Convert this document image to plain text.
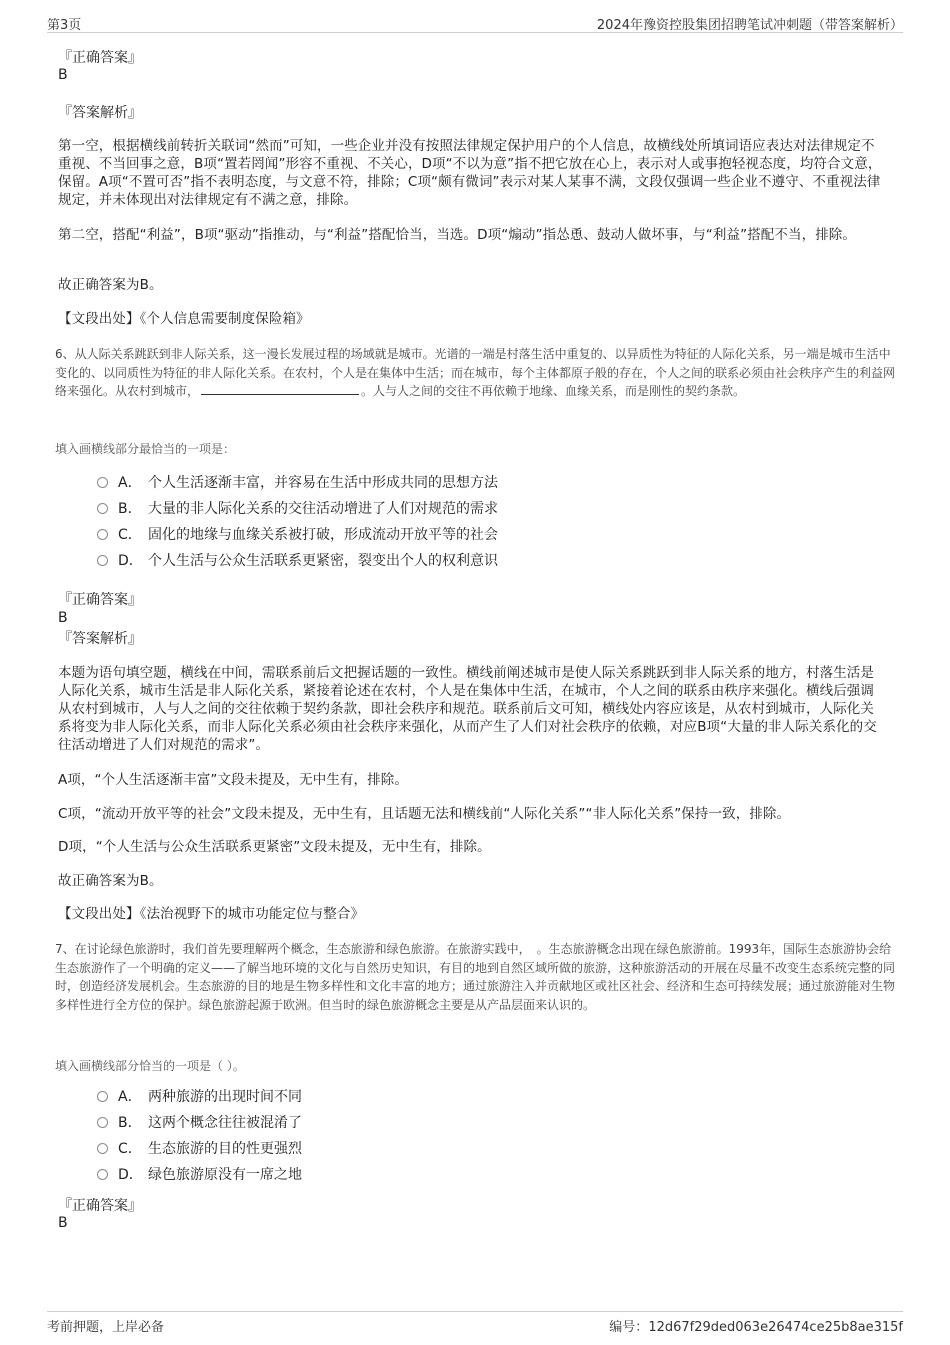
第3页	2024年豫资控股集团招聘笔试冲刺题（带答案解析）
『正确答案』
B
『答案解析』

第一空，根据横线前转折关联词“然而”可知，一些企业并没有按照法律规定保护用户的个人信息，故横线处所填词语应表达对法律规定不重视、不当回事之意，B项“置若罔闻”形容不重视、不关心，D项“不以为意”指不把它放在心上，表示对人或事抱轻视态度，均符合文意，保留。A项“不置可否”指不表明态度，与文意不符，排除；C项“颇有微词”表示对某人某事不满，文段仅强调一些企业不遵守、不重视法律规定，并未体现出对法律规定有不满之意，排除。

第二空，搭配“利益”，B项“驱动”指推动，与“利益”搭配恰当，当选。D项“煽动”指怂恿、鼓动人做坏事，与“利益”搭配不当，排除。

故正确答案为B。

【文段出处】《个人信息需要制度保险箱》

6、从人际关系跳跃到非人际关系，这一漫长发展过程的场域就是城市。光谱的一端是村落生活中重复的、以异质性为特征的人际化关系，另一端是城市生活中变化的、以同质性为特征的非人际化关系。在农村，个人是在集体中生活；而在城市，每个主体都原子般的存在，个人之间的联系必须由社会秩序产生的利益网络来强化。从农村到城市，	。人与人之间的交往不再依赖于地缘、血缘关系，而是刚性的契约条款。

填入画横线部分最恰当的一项是：
A． 个人生活逐渐丰富，并容易在生活中形成共同的思想方法
B． 大量的非人际化关系的交往活动增进了人们对规范的需求
C． 固化的地缘与血缘关系被打破，形成流动开放平等的社会
D． 个人生活与公众生活联系更紧密，裂变出个人的权利意识
『正确答案』
B
『答案解析』

本题为语句填空题，横线在中间，需联系前后文把握话题的一致性。横线前阐述城市是使人际关系跳跃到非人际关系的地方，村落生活是人际化关系，城市生活是非人际化关系，紧接着论述在农村，个人是在集体中生活，在城市，个人之间的联系由秩序来强化。横线后强调从农村到城市，人与人之间的交往依赖于契约条款，即社会秩序和规范。联系前后文可知，横线处内容应该是，从农村到城市，人际化关系将变为非人际化关系，而非人际化关系必须由社会秩序来强化，从而产生了人们对社会秩序的依赖，对应B项“大量的非人际关系化的交往活动增进了人们对规范的需求”。

A项，“个人生活逐渐丰富”文段未提及，无中生有，排除。

C项，“流动开放平等的社会”文段未提及，无中生有，且话题无法和横线前“人际化关系”“非人际化关系”保持一致，排除。

D项，“个人生活与公众生活联系更紧密”文段未提及，无中生有，排除。

故正确答案为B。

【文段出处】《法治视野下的城市功能定位与整合》

7、在讨论绿色旅游时，我们首先要理解两个概念，生态旅游和绿色旅游。在旅游实践中，　。生态旅游概念出现在绿色旅游前。1993年，国际生态旅游协会给生态旅游作了一个明确的定义——了解当地环境的文化与自然历史知识，有目的地到自然区域所做的旅游，这种旅游活动的开展在尽量不改变生态系统完整的同时，创造经济发展机会。生态旅游的目的地是生物多样性和文化丰富的地方；通过旅游注入并贡献地区或社区社会、经济和生态可持续发展；通过旅游能对生物多样性进行全方位的保护。绿色旅游起源于欧洲。但当时的绿色旅游概念主要是从产品层面来认识的。

填入画横线部分恰当的一项是（ ）。
A． 两种旅游的出现时间不同
B． 这两个概念往往被混淆了
C． 生态旅游的目的性更强烈
D． 绿色旅游原没有一席之地
『正确答案』
B
考前押题，上岸必备	编号：12d67f29ded063e26474ce25b8ae315f
